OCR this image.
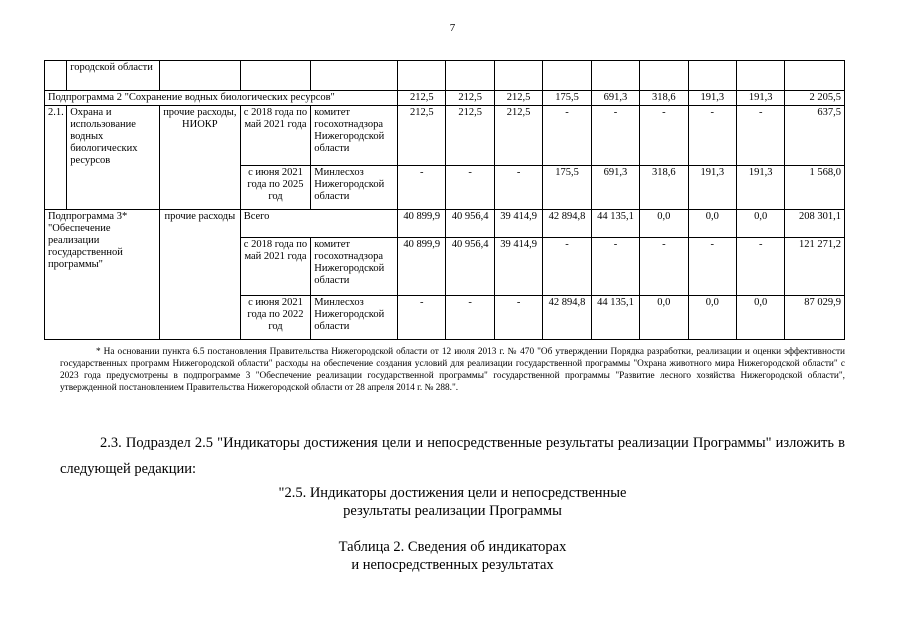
7
	городской области												
Подпрограмма 2 "Сохранение водных биологических ресурсов"					212,5	212,5	212,5	175,5	691,3	318,6	191,3	191,3	2 205,5
2.1.	Охрана и использование водных биологических ресурсов	прочие расходы, НИОКР	с 2018 года по май 2021 года	комитет госохотнадзора Нижегородской области	212,5	212,5	212,5	-	-	-	-	-	637,5
			с июня 2021 года по 2025 год	Минлесхоз Нижегородской области	-	-	-	175,5	691,3	318,6	191,3	191,3	1 568,0
Подпрограмма 3* "Обеспечение реализации государственной программы"		прочие расходы	Всего		40 899,9	40 956,4	39 414,9	42 894,8	44 135,1	0,0	0,0	0,0	208 301,1
			с 2018 года по май 2021 года	комитет госохотнадзора Нижегородской области	40 899,9	40 956,4	39 414,9	-	-	-	-	-	121 271,2
			с июня 2021 года по 2022 год	Минлесхоз Нижегородской области	-	-	-	42 894,8	44 135,1	0,0	0,0	0,0	87 029,9
* На основании пункта 6.5 постановления Правительства Нижегородской области от 12 июля 2013 г. № 470 "Об утверждении Порядка разработки, реализации и оценки эффективности государственных программ Нижегородской области" расходы на обеспечение создания условий для реализации государственной программы "Охрана животного мира Нижегородской области" с 2023 года предусмотрены в подпрограмме 3 "Обеспечение реализации государственной программы" государственной программы "Развитие лесного хозяйства Нижегородской области", утвержденной постановлением Правительства Нижегородской области от 28 апреля 2014 г. № 288.".
2.3. Подраздел 2.5 "Индикаторы достижения цели и непосредственные результаты реализации Программы" изложить в следующей редакции:
"2.5. Индикаторы достижения цели и непосредственные
результаты реализации Программы
Таблица 2. Сведения об индикаторах
и непосредственных результатах
